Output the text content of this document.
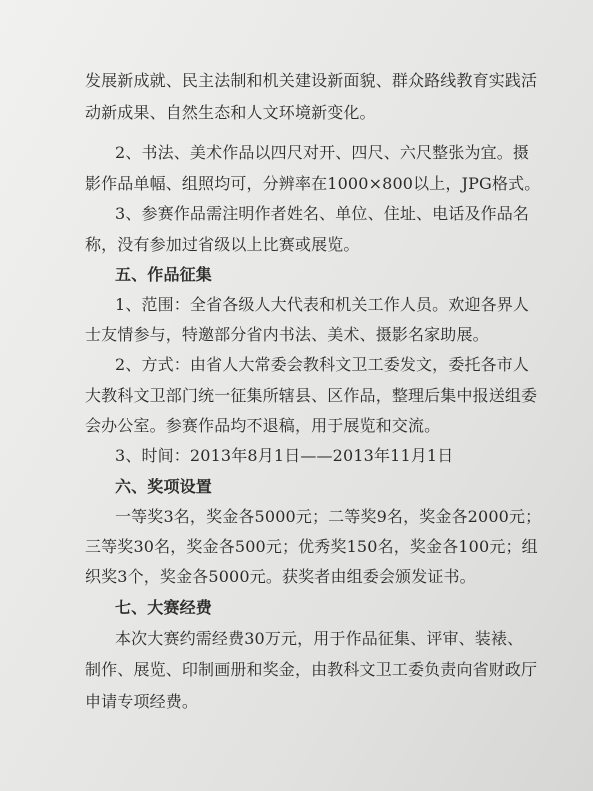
发展新成就、民主法制和机关建设新面貌、群众路线教育实践活
动新成果、自然生态和人文环境新变化。
2、书法、美术作品以四尺对开、四尺、六尺整张为宜。摄
影作品单幅、组照均可，分辨率在1000×800以上，JPG格式。
3、参赛作品需注明作者姓名、单位、住址、电话及作品名
称，没有参加过省级以上比赛或展览。
五、作品征集
1、范围：全省各级人大代表和机关工作人员。欢迎各界人
士友情参与，特邀部分省内书法、美术、摄影名家助展。
2、方式：由省人大常委会教科文卫工委发文，委托各市人
大教科文卫部门统一征集所辖县、区作品，整理后集中报送组委
会办公室。参赛作品均不退稿，用于展览和交流。
3、时间：2013年8月1日——2013年11月1日
六、奖项设置
一等奖3名，奖金各5000元；二等奖9名，奖金各2000元；
三等奖30名，奖金各500元；优秀奖150名，奖金各100元；组
织奖3个，奖金各5000元。获奖者由组委会颁发证书。
七、大赛经费
本次大赛约需经费30万元，用于作品征集、评审、装裱、
制作、展览、印制画册和奖金，由教科文卫工委负责向省财政厅
申请专项经费。
